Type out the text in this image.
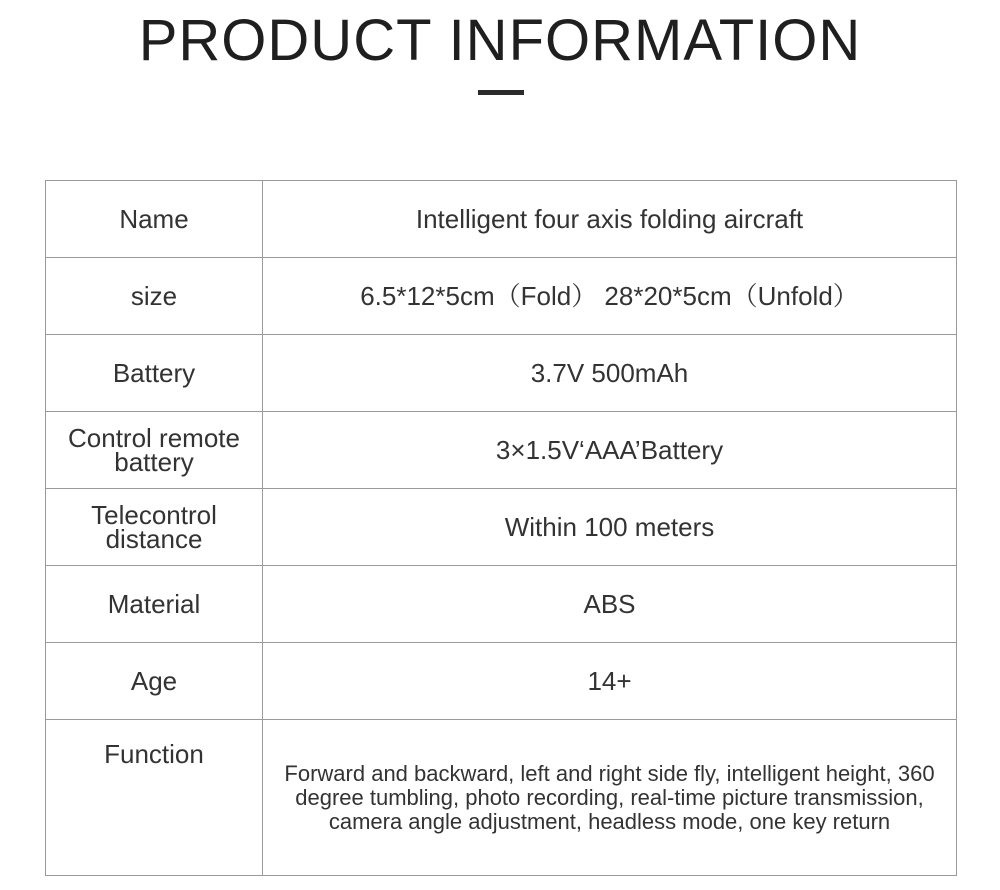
PRODUCT INFORMATION
Name	Intelligent four axis folding aircraft
size	6.5*12*5cm（Fold） 28*20*5cm（Unfold）
Battery	3.7V 500mAh
Control remote battery	3×1.5V‘AAA’Battery
Telecontrol distance	Within 100 meters
Material	ABS
Age	14+
Function	Forward and backward, left and right side fly, intelligent height, 360 degree tumbling, photo recording, real-time picture transmission, camera angle adjustment, headless mode, one key return
